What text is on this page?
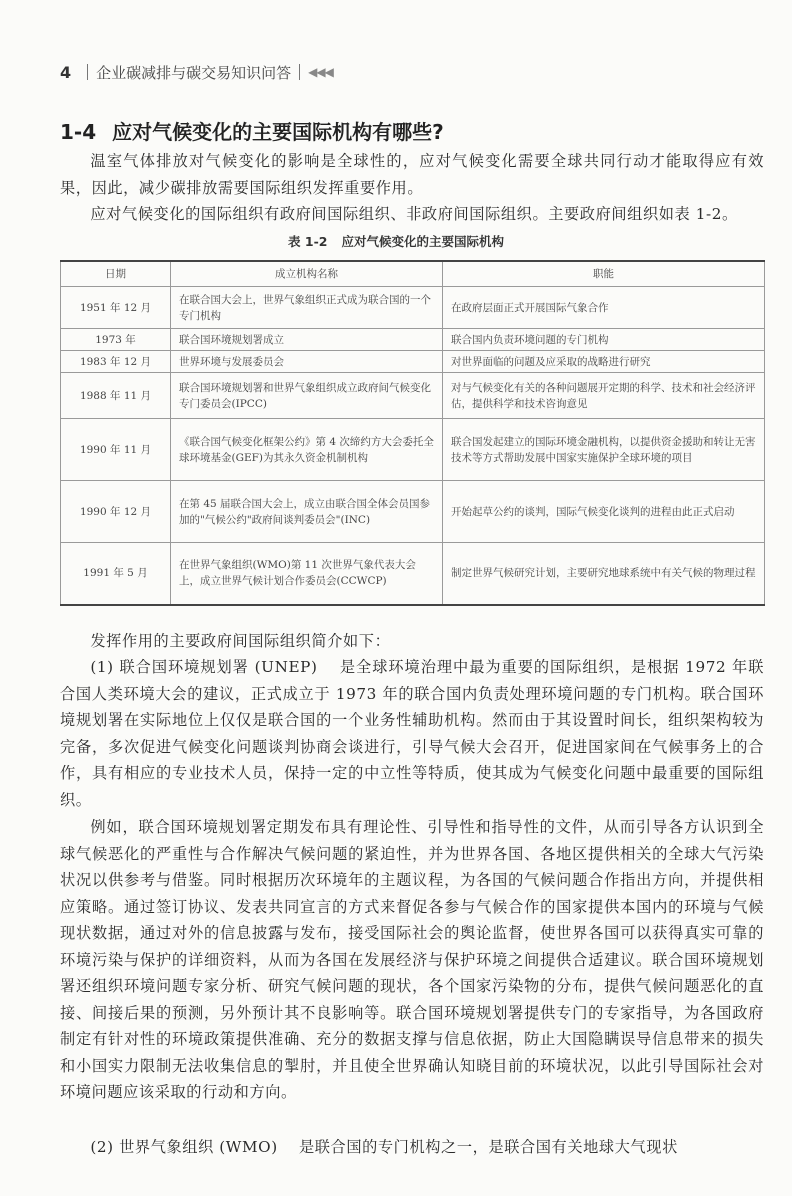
4 企业碳减排与碳交易知识问答 ◀◀◀
1-4 应对气候变化的主要国际机构有哪些?

温室气体排放对气候变化的影响是全球性的，应对气候变化需要全球共同行动才能取得应有效果，因此，减少碳排放需要国际组织发挥重要作用。

应对气候变化的国际组织有政府间国际组织、非政府间国际组织。主要政府间组织如表 1-2。

表 1-2 应对气候变化的主要国际机构
日期	成立机构名称	职能
1951 年 12 月	在联合国大会上，世界气象组织正式成为联合国的一个专门机构	在政府层面正式开展国际气象合作
1973 年	联合国环境规划署成立	联合国内负责环境问题的专门机构
1983 年 12 月	世界环境与发展委员会	对世界面临的问题及应采取的战略进行研究
1988 年 11 月	联合国环境规划署和世界气象组织成立政府间气候变化专门委员会(IPCC)	对与气候变化有关的各种问题展开定期的科学、技术和社会经济评估，提供科学和技术咨询意见
1990 年 11 月	《联合国气候变化框架公约》第 4 次缔约方大会委托全球环境基金(GEF)为其永久资金机制机构	联合国发起建立的国际环境金融机构，以提供资金援助和转让无害技术等方式帮助发展中国家实施保护全球环境的项目
1990 年 12 月	在第 45 届联合国大会上，成立由联合国全体会员国参加的"气候公约"政府间谈判委员会"(INC)	开始起草公约的谈判，国际气候变化谈判的进程由此正式启动
1991 年 5 月	在世界气象组织(WMO)第 11 次世界气象代表大会上，成立世界气候计划合作委员会(CCWCP)	制定世界气候研究计划，主要研究地球系统中有关气候的物理过程

发挥作用的主要政府间国际组织简介如下：

(1) 联合国环境规划署 (UNEP)　 是全球环境治理中最为重要的国际组织，是根据 1972 年联合国人类环境大会的建议，正式成立于 1973 年的联合国内负责处理环境问题的专门机构。联合国环境规划署在实际地位上仅仅是联合国的一个业务性辅助机构。然而由于其设置时间长，组织架构较为完备，多次促进气候变化问题谈判协商会谈进行，引导气候大会召开，促进国家间在气候事务上的合作，具有相应的专业技术人员，保持一定的中立性等特质，使其成为气候变化问题中最重要的国际组织。

例如，联合国环境规划署定期发布具有理论性、引导性和指导性的文件，从而引导各方认识到全球气候恶化的严重性与合作解决气候问题的紧迫性，并为世界各国、各地区提供相关的全球大气污染状况以供参考与借鉴。同时根据历次环境年的主题议程，为各国的气候问题合作指出方向，并提供相应策略。通过签订协议、发表共同宣言的方式来督促各参与气候合作的国家提供本国内的环境与气候现状数据，通过对外的信息披露与发布，接受国际社会的舆论监督，使世界各国可以获得真实可靠的环境污染与保护的详细资料，从而为各国在发展经济与保护环境之间提供合适建议。联合国环境规划署还组织环境问题专家分析、研究气候问题的现状，各个国家污染物的分布，提供气候问题恶化的直接、间接后果的预测，另外预计其不良影响等。联合国环境规划署提供专门的专家指导，为各国政府制定有针对性的环境政策提供准确、充分的数据支撑与信息依据，防止大国隐瞒误导信息带来的损失和小国实力限制无法收集信息的掣肘，并且使全世界确认知晓目前的环境状况，以此引导国际社会对环境问题应该采取的行动和方向。

(2) 世界气象组织 (WMO)　 是联合国的专门机构之一，是联合国有关地球大气现状
